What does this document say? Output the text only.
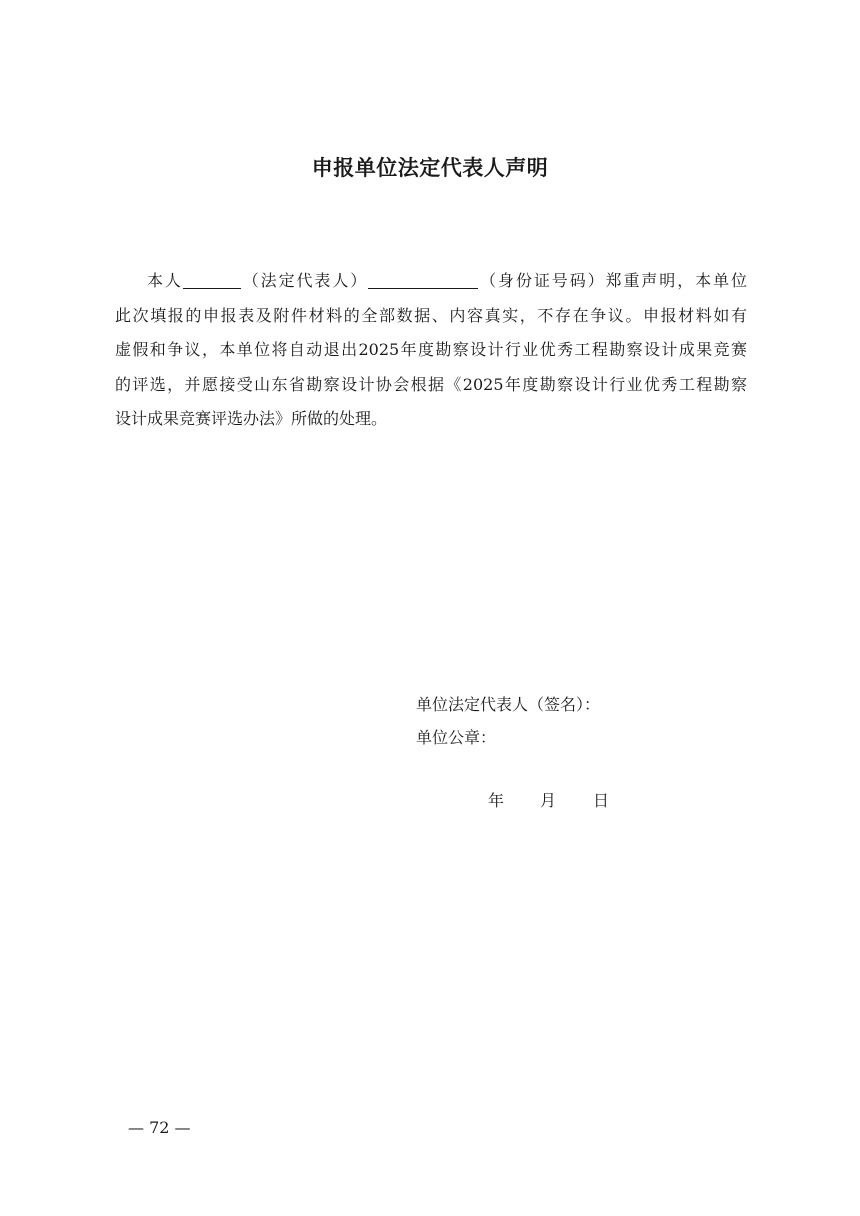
申报单位法定代表人声明
本人	（法定代表人）	（身份证号码）郑重声明，本单位
此次填报的申报表及附件材料的全部数据、内容真实，不存在争议。申报材料如有
虚假和争议，本单位将自动退出2025年度勘察设计行业优秀工程勘察设计成果竞赛
的评选，并愿接受山东省勘察设计协会根据《2025年度勘察设计行业优秀工程勘察
设计成果竞赛评选办法》所做的处理。
单位法定代表人（签名）：
单位公章：
年 月 日
— 72 —
